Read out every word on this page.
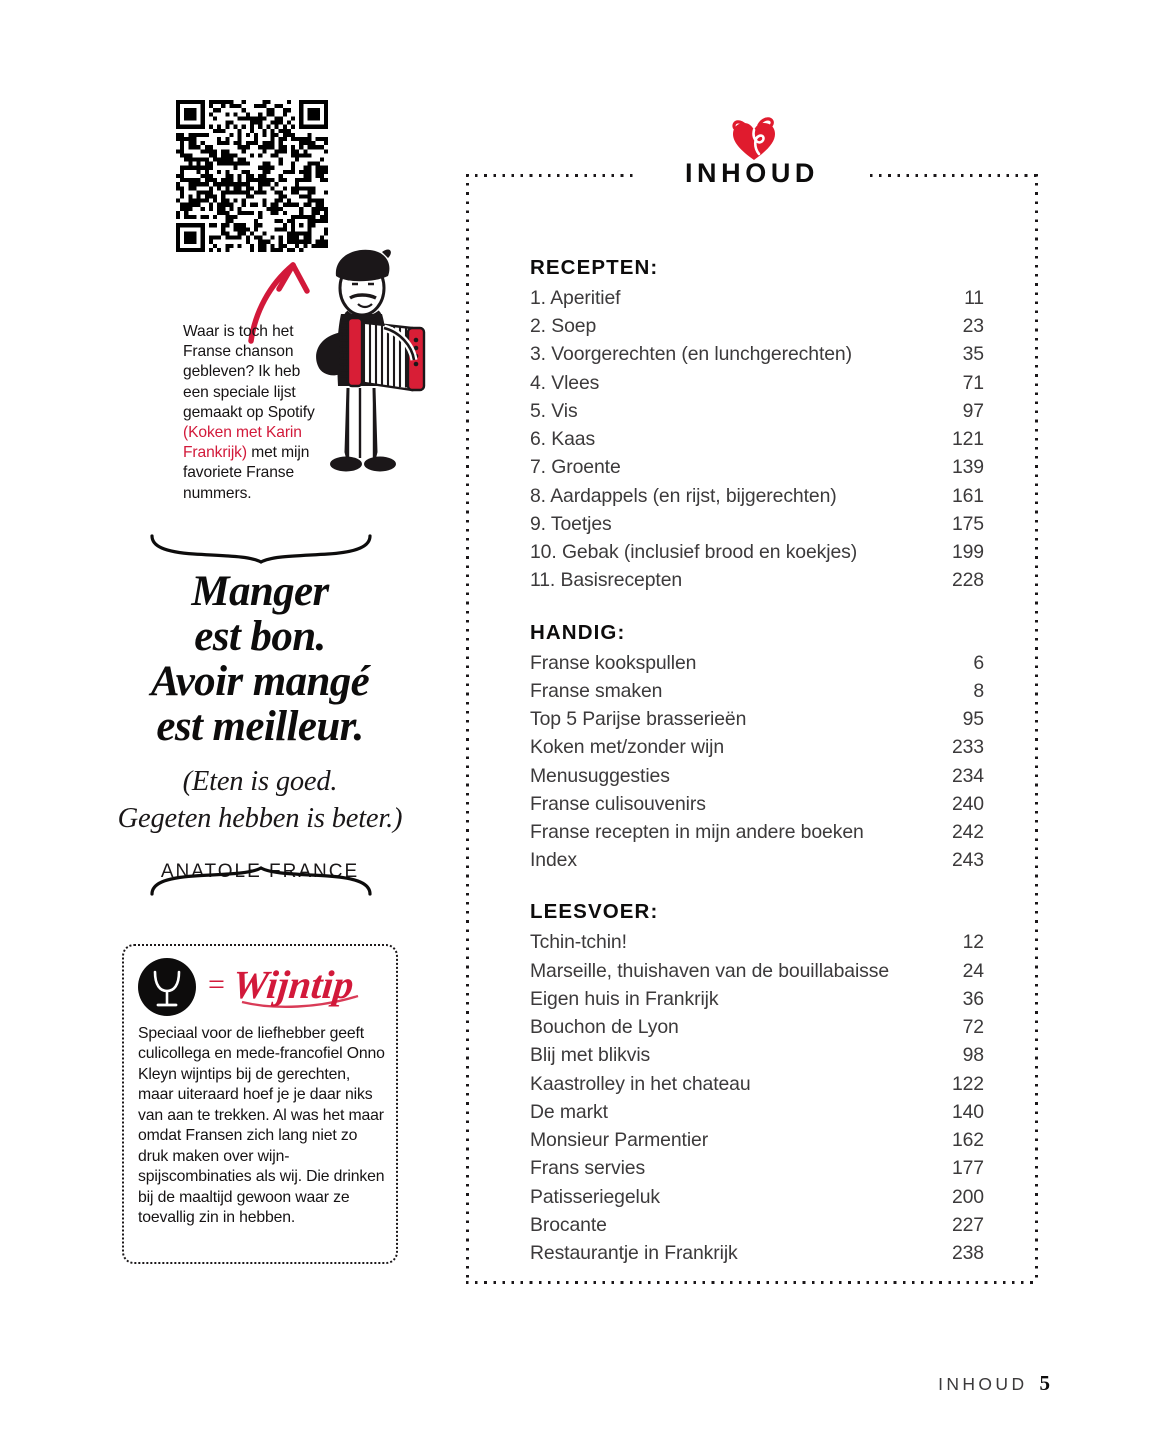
Waar is toch het Franse chanson gebleven? Ik heb een speciale lijst gemaakt op Spotify (Koken met Karin Frankrijk) met mijn favoriete Franse nummers.
Manger
est bon.
Avoir mangé
est meilleur.
(Eten is goed.
Gegeten hebben is beter.)
ANATOLE FRANCE
= Wijntip
Speciaal voor de liefhebber geeft culicollega en mede-francofiel Onno Kleyn wijntips bij de gerechten, maar uiteraard hoef je je daar niks van aan te trekken. Al was het maar omdat Fransen zich lang niet zo druk maken over wijn-spijscombinaties als wij. Die drinken bij de maaltijd gewoon waar ze toevallig zin in hebben.
INHOUD
RECEPTEN:
1. Aperitief	11
2. Soep	23
3. Voorgerechten (en lunchgerechten)	35
4. Vlees	71
5. Vis	97
6. Kaas	121
7. Groente	139
8. Aardappels (en rijst, bijgerechten)	161
9. Toetjes	175
10. Gebak (inclusief brood en koekjes)	199
11. Basisrecepten	228
HANDIG:
Franse kookspullen	6
Franse smaken	8
Top 5 Parijse brasserieën	95
Koken met/zonder wijn	233
Menusuggesties	234
Franse culisouvenirs	240
Franse recepten in mijn andere boeken	242
Index	243
LEESVOER:
Tchin-tchin!	12
Marseille, thuishaven van de bouillabaisse	24
Eigen huis in Frankrijk	36
Bouchon de Lyon	72
Blij met blikvis	98
Kaastrolley in het chateau	122
De markt	140
Monsieur Parmentier	162
Frans servies	177
Patisseriegeluk	200
Brocante	227
Restaurantje in Frankrijk	238
INHOUD 5
